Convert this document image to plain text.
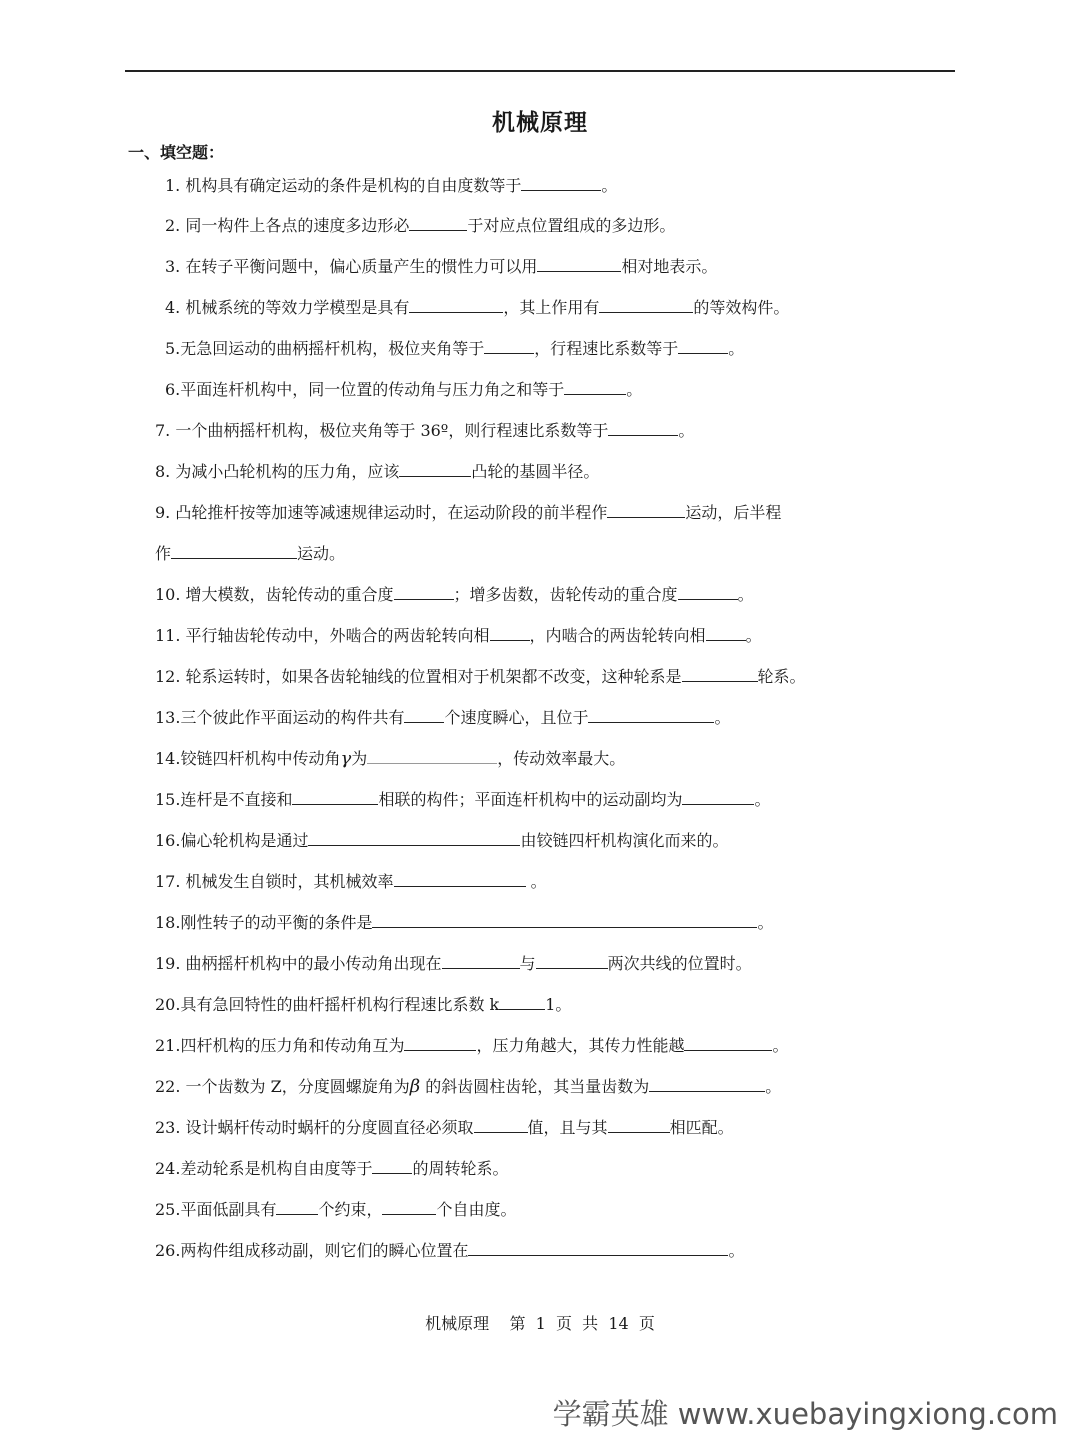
机械原理
一、填空题：
1. 机构具有确定运动的条件是机构的自由度数等于	。
2. 同一构件上各点的速度多边形必	于对应点位置组成的多边形。
3. 在转子平衡问题中，偏心质量产生的惯性力可以用	相对地表示。
4. 机械系统的等效力学模型是具有	，其上作用有	的等效构件。
5.无急回运动的曲柄摇杆机构，极位夹角等于	，行程速比系数等于	。
6.平面连杆机构中，同一位置的传动角与压力角之和等于	。
7. 一个曲柄摇杆机构，极位夹角等于 36º，则行程速比系数等于	。
8. 为减小凸轮机构的压力角，应该	凸轮的基圆半径。
9. 凸轮推杆按等加速等减速规律运动时，在运动阶段的前半程作	运动，后半程
作	运动。
10. 增大模数，齿轮传动的重合度	；增多齿数，齿轮传动的重合度	。
11. 平行轴齿轮传动中，外啮合的两齿轮转向相	，内啮合的两齿轮转向相	。
12. 轮系运转时，如果各齿轮轴线的位置相对于机架都不改变，这种轮系是	轮系。
13.三个彼此作平面运动的构件共有	个速度瞬心，且位于	。
14.铰链四杆机构中传动角γ为	，传动效率最大。
15.连杆是不直接和	相联的构件；平面连杆机构中的运动副均为	。
16.偏心轮机构是通过	由铰链四杆机构演化而来的。
17. 机械发生自锁时，其机械效率	。
18.刚性转子的动平衡的条件是	。
19. 曲柄摇杆机构中的最小传动角出现在	与	两次共线的位置时。
20.具有急回特性的曲杆摇杆机构行程速比系数 k	1。
21.四杆机构的压力角和传动角互为	，压力角越大，其传力性能越	。
22. 一个齿数为 Z，分度圆螺旋角为β 的斜齿圆柱齿轮，其当量齿数为	。
23. 设计蜗杆传动时蜗杆的分度圆直径必须取	值，且与其	相匹配。
24.差动轮系是机构自由度等于	的周转轮系。
25.平面低副具有	个约束，	个自由度。
26.两构件组成移动副，则它们的瞬心位置在	。
机械原理 第  1  页  共  14  页
学霸英雄 www.xuebayingxiong.com
